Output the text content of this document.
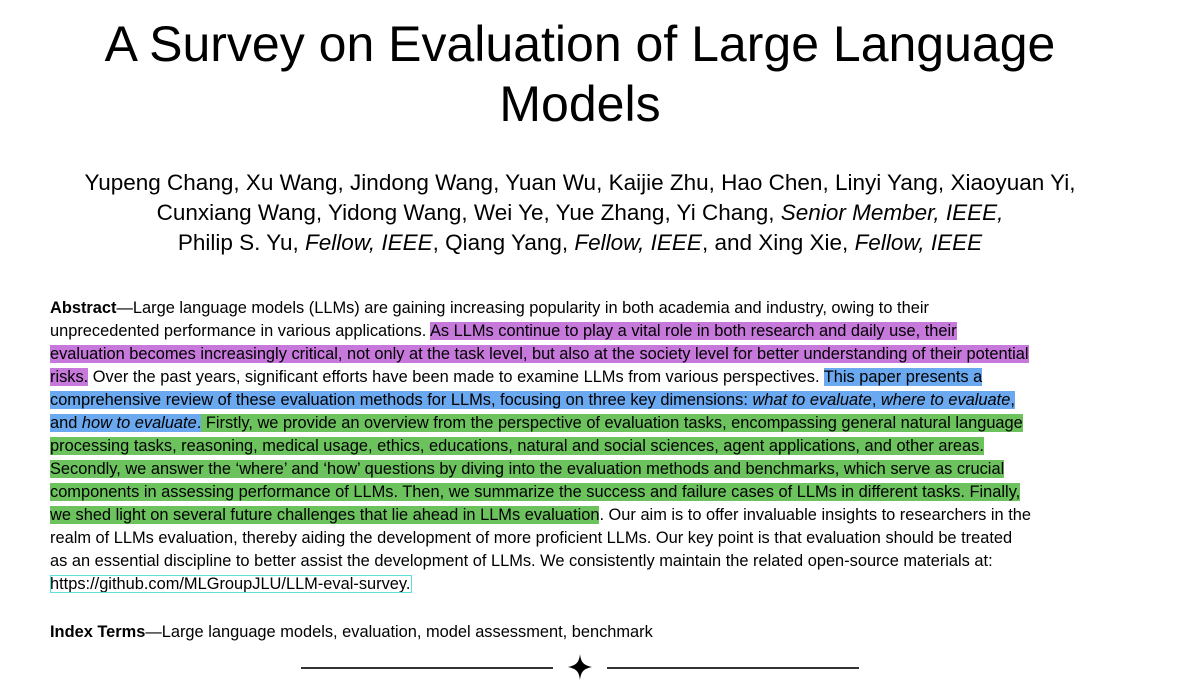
A Survey on Evaluation of Large Language
Models
Yupeng Chang, Xu Wang, Jindong Wang, Yuan Wu, Kaijie Zhu, Hao Chen, Linyi Yang, Xiaoyuan Yi,
Cunxiang Wang, Yidong Wang, Wei Ye, Yue Zhang, Yi Chang, Senior Member, IEEE,
Philip S. Yu, Fellow, IEEE, Qiang Yang, Fellow, IEEE, and Xing Xie, Fellow, IEEE
Abstract—Large language models (LLMs) are gaining increasing popularity in both academia and industry, owing to their
unprecedented performance in various applications. As LLMs continue to play a vital role in both research and daily use, their
evaluation becomes increasingly critical, not only at the task level, but also at the society level for better understanding of their potential
risks. Over the past years, significant efforts have been made to examine LLMs from various perspectives. This paper presents a
comprehensive review of these evaluation methods for LLMs, focusing on three key dimensions: what to evaluate, where to evaluate,
and how to evaluate. Firstly, we provide an overview from the perspective of evaluation tasks, encompassing general natural language
processing tasks, reasoning, medical usage, ethics, educations, natural and social sciences, agent applications, and other areas.
Secondly, we answer the ‘where’ and ‘how’ questions by diving into the evaluation methods and benchmarks, which serve as crucial
components in assessing performance of LLMs. Then, we summarize the success and failure cases of LLMs in different tasks. Finally,
we shed light on several future challenges that lie ahead in LLMs evaluation. Our aim is to offer invaluable insights to researchers in the
realm of LLMs evaluation, thereby aiding the development of more proficient LLMs. Our key point is that evaluation should be treated
as an essential discipline to better assist the development of LLMs. We consistently maintain the related open-source materials at:
https://github.com/MLGroupJLU/LLM-eval-survey.
Index Terms—Large language models, evaluation, model assessment, benchmark
